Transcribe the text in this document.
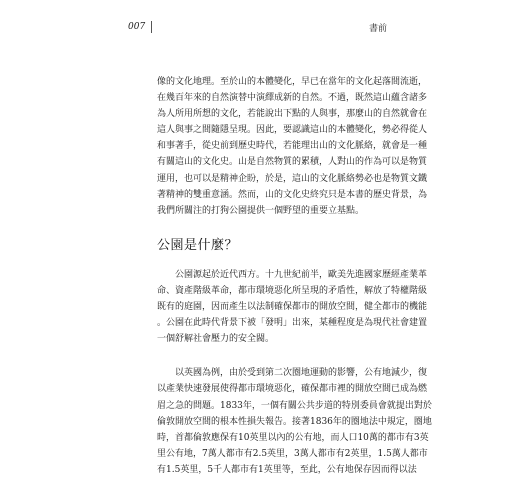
007	書前

像的文化地理。至於山的本體變化，早已在當年的文化起落間流逝，

在幾百年來的自然演替中演繹成新的自然。不過，既然這山蘊含諸多

為人所用所想的文化，若能說出下點的人與事，那麼山的自然就會在

這人與事之間隨隱呈現。因此，要認識這山的本體變化，勢必得從人

和事著手，從史前到歷史時代，若能理出山的文化脈絡，就會是一種

有關這山的文化史。山是自然物質的累積，人對山的作為可以是物質

運用，也可以是精神企盼，於是，這山的文化脈絡勢必也是物質文鐵

著精神的雙重意涵。然而，山的文化史終究只是本書的歷史背景，為

我們所關注的打狗公園提供一個野望的重要立基點。

公園是什麼？

公園源起於近代西方。十九世紀前半，歐美先進國家歷經產業革

命、資產階級革命，都市環境惡化所呈現的矛盾性，解放了特權階級

既有的庭園，因而產生以法制確保都市的開放空間，健全都市的機能

。公園在此時代背景下被「發明」出來，某種程度是為現代社會建置

一個舒解社會壓力的安全閥。

以英國為例，由於受到第二次圈地運動的影響，公有地減少，復

以產業快速發展使得都市環境惡化，確保都市裡的開放空間已成為燃

眉之急的問題。1833年，一個有關公共步道的特別委員會就提出對於

倫敦開放空間的根本性損失報告。接著1836年的圈地法中規定，圈地

時，首都倫敦應保有10英里以內的公有地，而人口10萬的都市有3英

里公有地，7萬人都市有2.5英里，3萬人都市有2英里，1.5萬人都市

有1.5英里，5千人都市有1英里等，至此，公有地保存因而得以法
